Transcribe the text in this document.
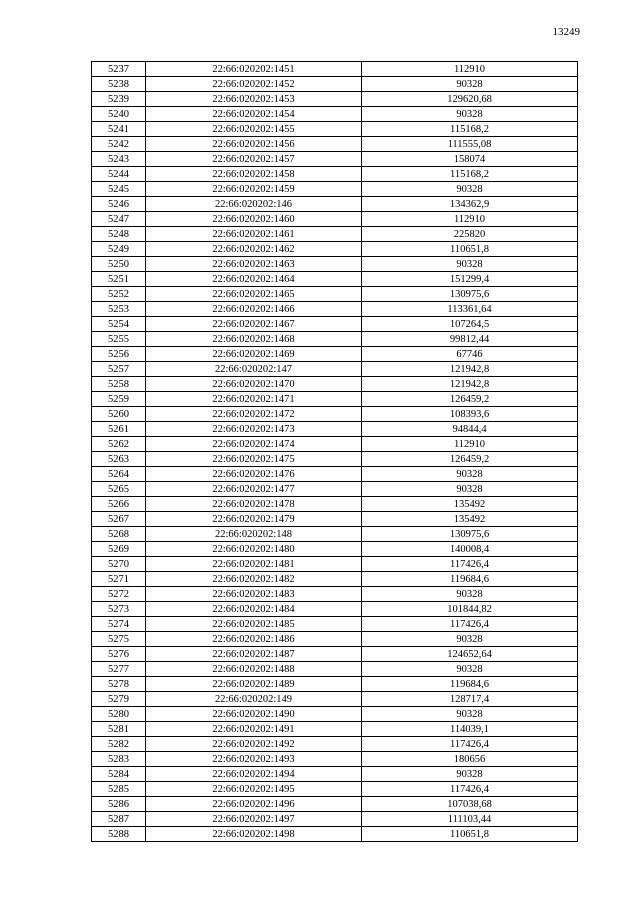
13249
5237	22:66:020202:1451	112910
5238	22:66:020202:1452	90328
5239	22:66:020202:1453	129620,68
5240	22:66:020202:1454	90328
5241	22:66:020202:1455	115168,2
5242	22:66:020202:1456	111555,08
5243	22:66:020202:1457	158074
5244	22:66:020202:1458	115168,2
5245	22:66:020202:1459	90328
5246	22:66:020202:146	134362,9
5247	22:66:020202:1460	112910
5248	22:66:020202:1461	225820
5249	22:66:020202:1462	110651,8
5250	22:66:020202:1463	90328
5251	22:66:020202:1464	151299,4
5252	22:66:020202:1465	130975,6
5253	22:66:020202:1466	113361,64
5254	22:66:020202:1467	107264,5
5255	22:66:020202:1468	99812,44
5256	22:66:020202:1469	67746
5257	22:66:020202:147	121942,8
5258	22:66:020202:1470	121942,8
5259	22:66:020202:1471	126459,2
5260	22:66:020202:1472	108393,6
5261	22:66:020202:1473	94844,4
5262	22:66:020202:1474	112910
5263	22:66:020202:1475	126459,2
5264	22:66:020202:1476	90328
5265	22:66:020202:1477	90328
5266	22:66:020202:1478	135492
5267	22:66:020202:1479	135492
5268	22:66:020202:148	130975,6
5269	22:66:020202:1480	140008,4
5270	22:66:020202:1481	117426,4
5271	22:66:020202:1482	119684,6
5272	22:66:020202:1483	90328
5273	22:66:020202:1484	101844,82
5274	22:66:020202:1485	117426,4
5275	22:66:020202:1486	90328
5276	22:66:020202:1487	124652,64
5277	22:66:020202:1488	90328
5278	22:66:020202:1489	119684,6
5279	22:66:020202:149	128717,4
5280	22:66:020202:1490	90328
5281	22:66:020202:1491	114039,1
5282	22:66:020202:1492	117426,4
5283	22:66:020202:1493	180656
5284	22:66:020202:1494	90328
5285	22:66:020202:1495	117426,4
5286	22:66:020202:1496	107038,68
5287	22:66:020202:1497	111103,44
5288	22:66:020202:1498	110651,8
